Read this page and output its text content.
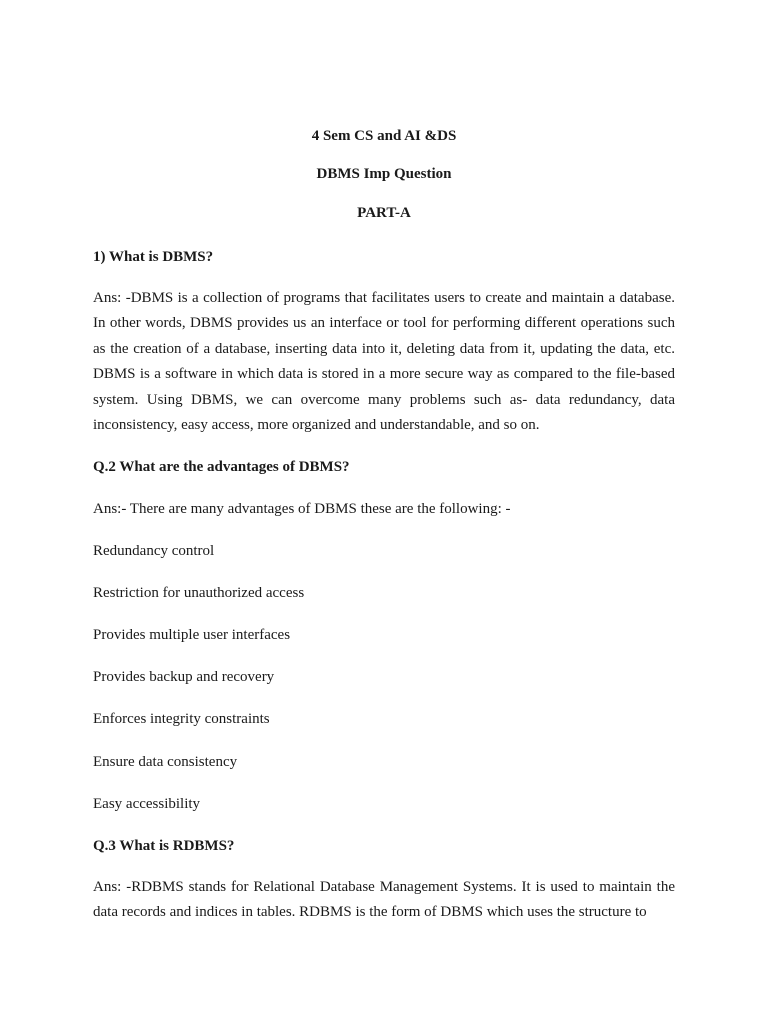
4 Sem CS and AI &DS
DBMS Imp Question
PART-A
1) What is DBMS?
Ans: -DBMS is a collection of programs that facilitates users to create and maintain a database. In other words, DBMS provides us an interface or tool for performing different operations such as the creation of a database, inserting data into it, deleting data from it, updating the data, etc. DBMS is a software in which data is stored in a more secure way as compared to the file-based system. Using DBMS, we can overcome many problems such as- data redundancy, data inconsistency, easy access, more organized and understandable, and so on.
Q.2 What are the advantages of DBMS?
Ans:- There are many advantages of DBMS these are the following: -
Redundancy control
Restriction for unauthorized access
Provides multiple user interfaces
Provides backup and recovery
Enforces integrity constraints
Ensure data consistency
Easy accessibility
Q.3 What is RDBMS?
Ans: -RDBMS stands for Relational Database Management Systems. It is used to maintain the data records and indices in tables. RDBMS is the form of DBMS which uses the structure to
